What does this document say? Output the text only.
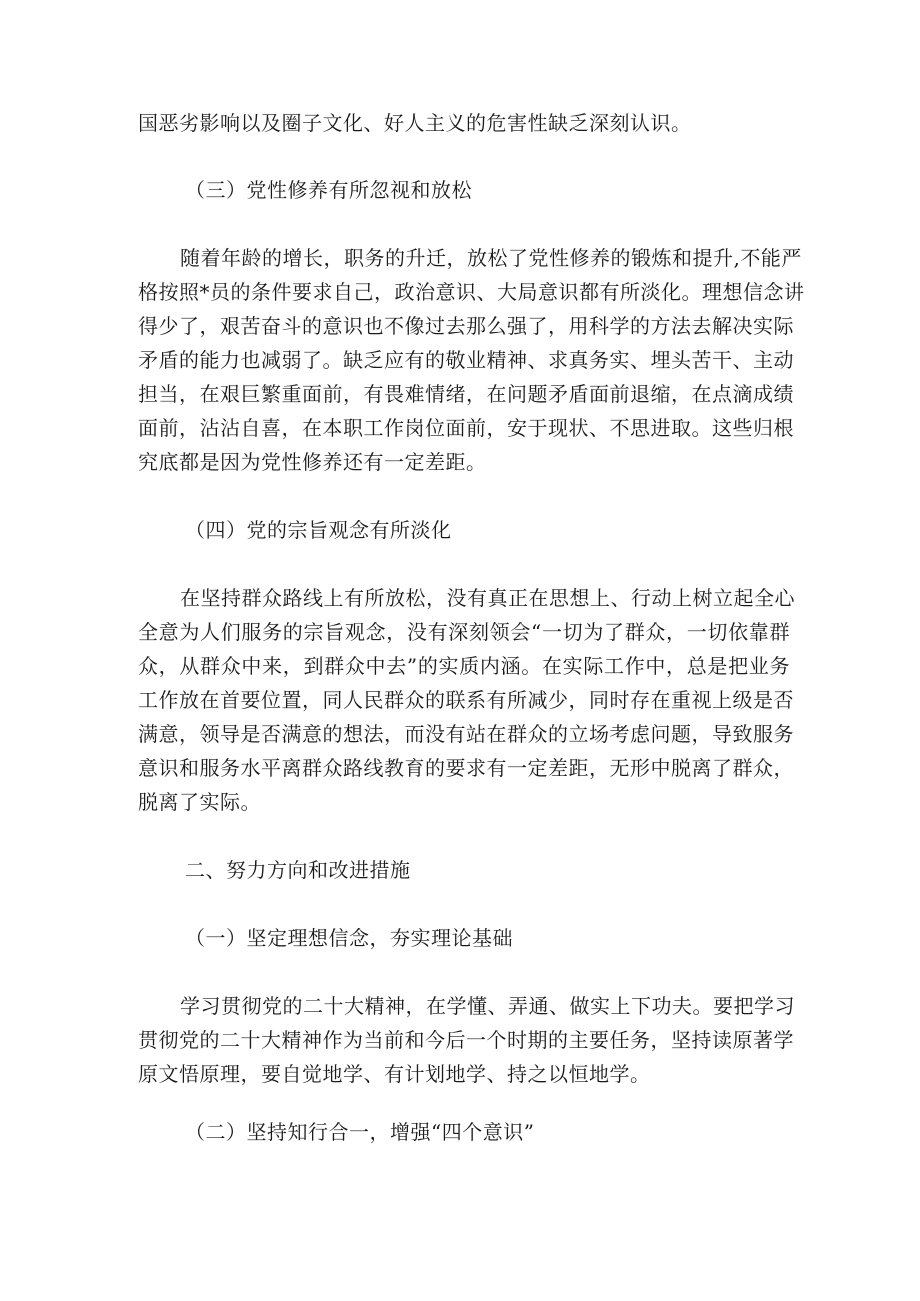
国恶劣影响以及圈子文化、好人主义的危害性缺乏深刻认识。
（三）党性修养有所忽视和放松
随着年龄的增长，职务的升迁，放松了党性修养的锻炼和提升,不能严
格按照*员的条件要求自己，政治意识、大局意识都有所淡化。理想信念讲
得少了，艰苦奋斗的意识也不像过去那么强了，用科学的方法去解决实际
矛盾的能力也减弱了。缺乏应有的敬业精神、求真务实、埋头苦干、主动
担当，在艰巨繁重面前，有畏难情绪，在问题矛盾面前退缩，在点滴成绩
面前，沾沾自喜，在本职工作岗位面前，安于现状、不思进取。这些归根
究底都是因为党性修养还有一定差距。
（四）党的宗旨观念有所淡化
在坚持群众路线上有所放松，没有真正在思想上、行动上树立起全心
全意为人们服务的宗旨观念，没有深刻领会“一切为了群众，一切依靠群
众，从群众中来，到群众中去”的实质内涵。在实际工作中，总是把业务
工作放在首要位置，同人民群众的联系有所减少，同时存在重视上级是否
满意，领导是否满意的想法，而没有站在群众的立场考虑问题，导致服务
意识和服务水平离群众路线教育的要求有一定差距，无形中脱离了群众，
脱离了实际。
二、努力方向和改进措施
（一）坚定理想信念，夯实理论基础
学习贯彻党的二十大精神，在学懂、弄通、做实上下功夫。要把学习
贯彻党的二十大精神作为当前和今后一个时期的主要任务，坚持读原著学
原文悟原理，要自觉地学、有计划地学、持之以恒地学。
（二）坚持知行合一，增强“四个意识”
